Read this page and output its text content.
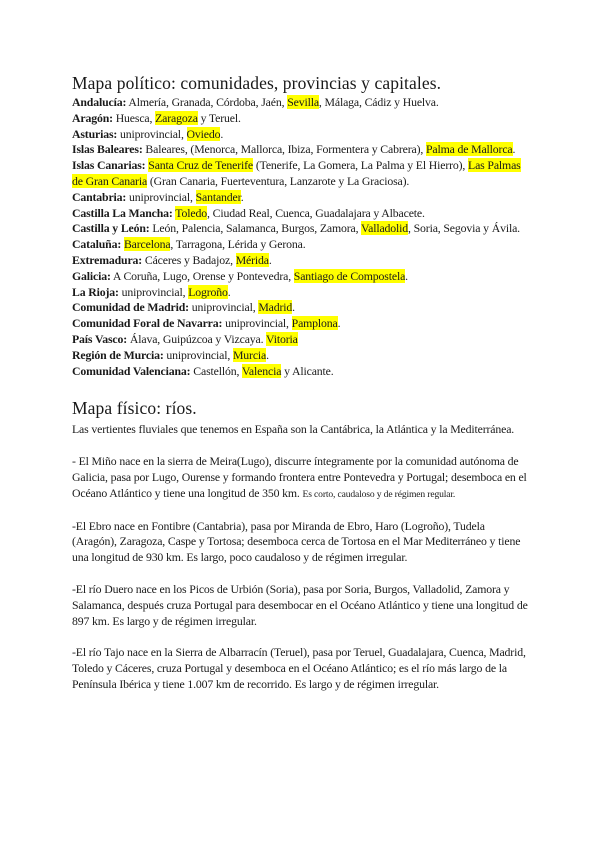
Mapa político: comunidades, provincias y capitales.
Andalucía: Almería, Granada, Córdoba, Jaén, Sevilla, Málaga, Cádiz y Huelva.
Aragón: Huesca, Zaragoza y Teruel.
Asturias: uniprovincial, Oviedo.
Islas Baleares: Baleares, (Menorca, Mallorca, Ibiza, Formentera y Cabrera), Palma de Mallorca.
Islas Canarias: Santa Cruz de Tenerife (Tenerife, La Gomera, La Palma y El Hierro), Las Palmas de Gran Canaria (Gran Canaria, Fuerteventura, Lanzarote y La Graciosa).
Cantabria: uniprovincial, Santander.
Castilla La Mancha: Toledo, Ciudad Real, Cuenca, Guadalajara y Albacete.
Castilla y León: León, Palencia, Salamanca, Burgos, Zamora, Valladolid, Soria, Segovia y Ávila.
Cataluña: Barcelona, Tarragona, Lérida y Gerona.
Extremadura: Cáceres y Badajoz, Mérida.
Galicia: A Coruña, Lugo, Orense y Pontevedra, Santiago de Compostela.
La Rioja: uniprovincial, Logroño.
Comunidad de Madrid: uniprovincial, Madrid.
Comunidad Foral de Navarra: uniprovincial, Pamplona.
País Vasco: Álava, Guipúzcoa y Vizcaya. Vitoria
Región de Murcia: uniprovincial, Murcia.
Comunidad Valenciana: Castellón, Valencia y Alicante.
Mapa físico: ríos.

Las vertientes fluviales que tenemos en España son la Cantábrica, la Atlántica y la Mediterránea.

- El Miño nace en la sierra de Meira(Lugo), discurre íntegramente por la comunidad autónoma de Galicia, pasa por Lugo, Ourense y formando frontera entre Pontevedra y Portugal; desemboca en el Océano Atlántico y tiene una longitud de 350 km. Es corto, caudaloso y de régimen regular.

-El Ebro nace en Fontibre (Cantabria), pasa por Miranda de Ebro, Haro (Logroño), Tudela (Aragón), Zaragoza, Caspe y Tortosa; desemboca cerca de Tortosa en el Mar Mediterráneo y tiene una longitud de 930 km. Es largo, poco caudaloso y de régimen irregular.

-El río Duero nace en los Picos de Urbión (Soria), pasa por Soria, Burgos, Valladolid, Zamora y Salamanca, después cruza Portugal para desembocar en el Océano Atlántico y tiene una longitud de 897 km. Es largo y de régimen irregular.

-El río Tajo nace en la Sierra de Albarracín (Teruel), pasa por Teruel, Guadalajara, Cuenca, Madrid, Toledo y Cáceres, cruza Portugal y desemboca en el Océano Atlántico; es el río más largo de la Península Ibérica y tiene 1.007 km de recorrido. Es largo y de régimen irregular.
